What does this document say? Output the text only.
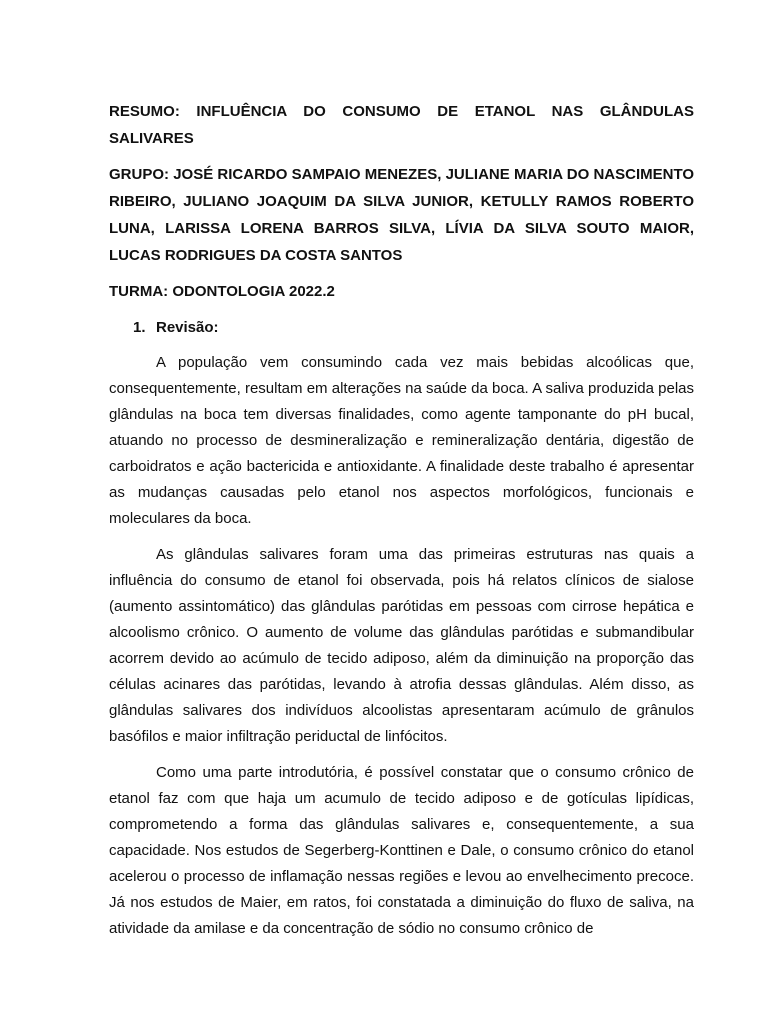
RESUMO: INFLUÊNCIA DO CONSUMO DE ETANOL NAS GLÂNDULAS SALIVARES

GRUPO: JOSÉ RICARDO SAMPAIO MENEZES, JULIANE MARIA DO NASCIMENTO RIBEIRO, JULIANO JOAQUIM DA SILVA JUNIOR, KETULLY RAMOS ROBERTO LUNA, LARISSA LORENA BARROS SILVA, LÍVIA DA SILVA SOUTO MAIOR, LUCAS RODRIGUES DA COSTA SANTOS

TURMA: ODONTOLOGIA 2022.2

1. Revisão:

A população vem consumindo cada vez mais bebidas alcoólicas que, consequentemente, resultam em alterações na saúde da boca. A saliva produzida pelas glândulas na boca tem diversas finalidades, como agente tamponante do pH bucal, atuando no processo de desmineralização e remineralização dentária, digestão de carboidratos e ação bactericida e antioxidante. A finalidade deste trabalho é apresentar as mudanças causadas pelo etanol nos aspectos morfológicos, funcionais e moleculares da boca.

As glândulas salivares foram uma das primeiras estruturas nas quais a influência do consumo de etanol foi observada, pois há relatos clínicos de sialose (aumento assintomático) das glândulas parótidas em pessoas com cirrose hepática e alcoolismo crônico. O aumento de volume das glândulas parótidas e submandibular acorrem devido ao acúmulo de tecido adiposo, além da diminuição na proporção das células acinares das parótidas, levando à atrofia dessas glândulas. Além disso, as glândulas salivares dos indivíduos alcoolistas apresentaram acúmulo de grânulos basófilos e maior infiltração periductal de linfócitos.

Como uma parte introdutória, é possível constatar que o consumo crônico de etanol faz com que haja um acumulo de tecido adiposo e de gotículas lipídicas, comprometendo a forma das glândulas salivares e, consequentemente, a sua capacidade. Nos estudos de Segerberg-Konttinen e Dale, o consumo crônico do etanol acelerou o processo de inflamação nessas regiões e levou ao envelhecimento precoce. Já nos estudos de Maier, em ratos, foi constatada a diminuição do fluxo de saliva, na atividade da amilase e da concentração de sódio no consumo crônico de
